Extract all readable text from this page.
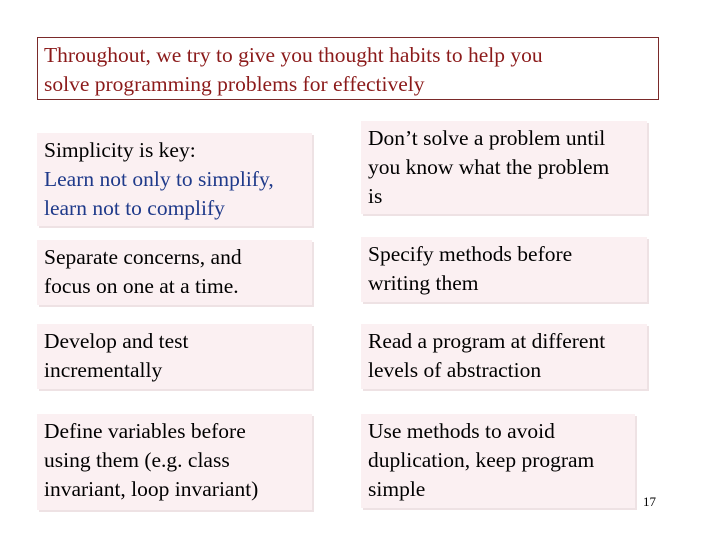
Throughout, we try to give you thought habits to help you
solve programming problems for effectively
Simplicity is key:
Learn not only to simplify,
learn not to complify
Separate concerns, and
focus on one at a time.
Develop and test
incrementally
Define variables before
using them (e.g. class
invariant, loop invariant)
Don’t solve a problem until
you know what the problem
is
Specify methods before
writing them
Read a program at different
levels of abstraction
Use methods to avoid
duplication, keep program
simple
17
